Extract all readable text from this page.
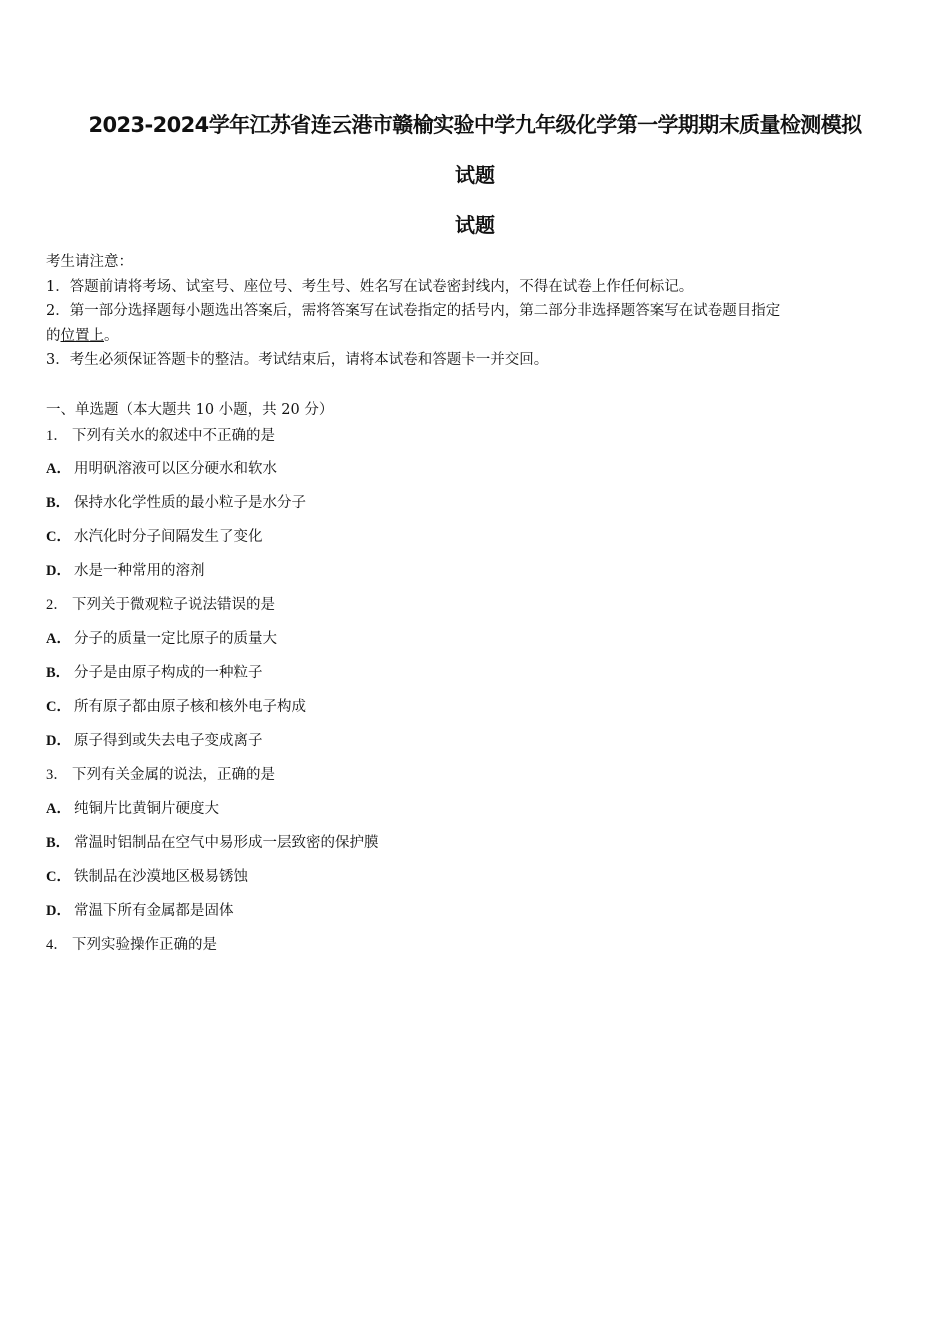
2023-2024学年江苏省连云港市赣榆实验中学九年级化学第一学期期末质量检测模拟
试题
试题
考生请注意：
1．答题前请将考场、试室号、座位号、考生号、姓名写在试卷密封线内，不得在试卷上作任何标记。
2．第一部分选择题每小题选出答案后，需将答案写在试卷指定的括号内，第二部分非选择题答案写在试卷题目指定
的位置上。
3．考生必须保证答题卡的整洁。考试结束后，请将本试卷和答题卡一并交回。
一、单选题（本大题共 10 小题，共 20 分）
1． 下列有关水的叙述中不正确的是
A． 用明矾溶液可以区分硬水和软水
B． 保持水化学性质的最小粒子是水分子
C． 水汽化时分子间隔发生了变化
D． 水是一种常用的溶剂
2． 下列关于微观粒子说法错误的是
A． 分子的质量一定比原子的质量大
B． 分子是由原子构成的一种粒子
C． 所有原子都由原子核和核外电子构成
D． 原子得到或失去电子变成离子
3． 下列有关金属的说法，正确的是
A． 纯铜片比黄铜片硬度大
B． 常温时铝制品在空气中易形成一层致密的保护膜
C． 铁制品在沙漠地区极易锈蚀
D． 常温下所有金属都是固体
4． 下列实验操作正确的是
